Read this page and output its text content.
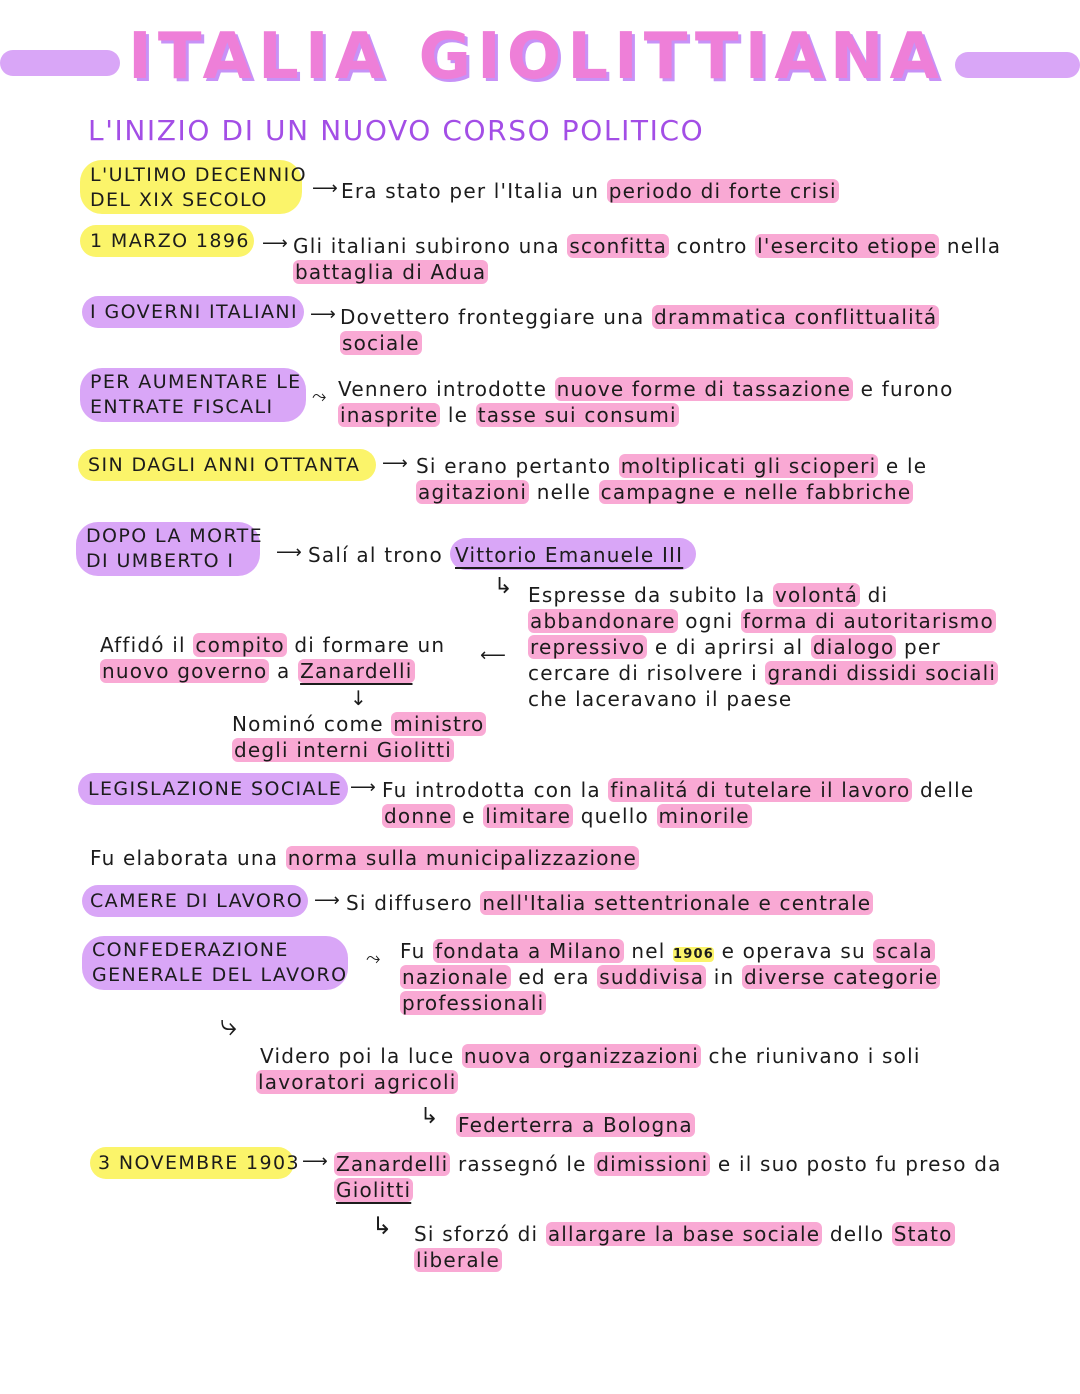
ITALIA GIOLITTIANA
L'INIZIO DI UN NUOVO CORSO POLITICO
L'ULTIMO DECENNIO
DEL XIX SECOLO
⟶ Era stato per l'Italia un periodo di forte crisi
1 MARZO 1896 ⟶ Gli italiani subirono una sconfitta contro l'esercito etiope nella
battaglia di Adua
I GOVERNI ITALIANI ⟶ Dovettero fronteggiare una drammatica conflittualitá
sociale
PER AUMENTARE LE
ENTRATE FISCALI	⤳ Vennero introdotte nuove forme di tassazione e furono
inasprite le tasse sui consumi
SIN DAGLI ANNI OTTANTA ⟶ Si erano pertanto moltiplicati gli scioperi e le
agitazioni nelle campagne e nelle fabbriche
DOPO LA MORTE
DI UMBERTO I	⟶ Salí al trono Vittorio Emanuele III
↳ Espresse da subito la volontá di
abbandonare ogni forma di autoritarismo
repressivo e di aprirsi al dialogo per
cercare di risolvere i grandi dissidi sociali
che laceravano il paese
⟵
Affidó il compito di formare un
nuovo governo a Zanardelli
↓
Nominó come ministro
degli interni Giolitti
LEGISLAZIONE SOCIALE ⟶ Fu introdotta con la finalitá di tutelare il lavoro delle
donne e limitare quello minorile
Fu elaborata una norma sulla municipalizzazione
CAMERE DI LAVORO ⟶ Si diffusero nell'Italia settentrionale e centrale
CONFEDERAZIONE
GENERALE DEL LAVORO
⤳ Fu fondata a Milano nel 1906 e operava su scala
nazionale ed era suddivisa in diverse categorie
professionali
⤷
Videro poi la luce nuova organizzazioni che riunivano i soli
lavoratori agricoli
↳ Federterra a Bologna
3 NOVEMBRE 1903 ⟶ Zanardelli rassegnó le dimissioni e il suo posto fu preso da
Giolitti
↳ Si sforzó di allargare la base sociale dello Stato
liberale
